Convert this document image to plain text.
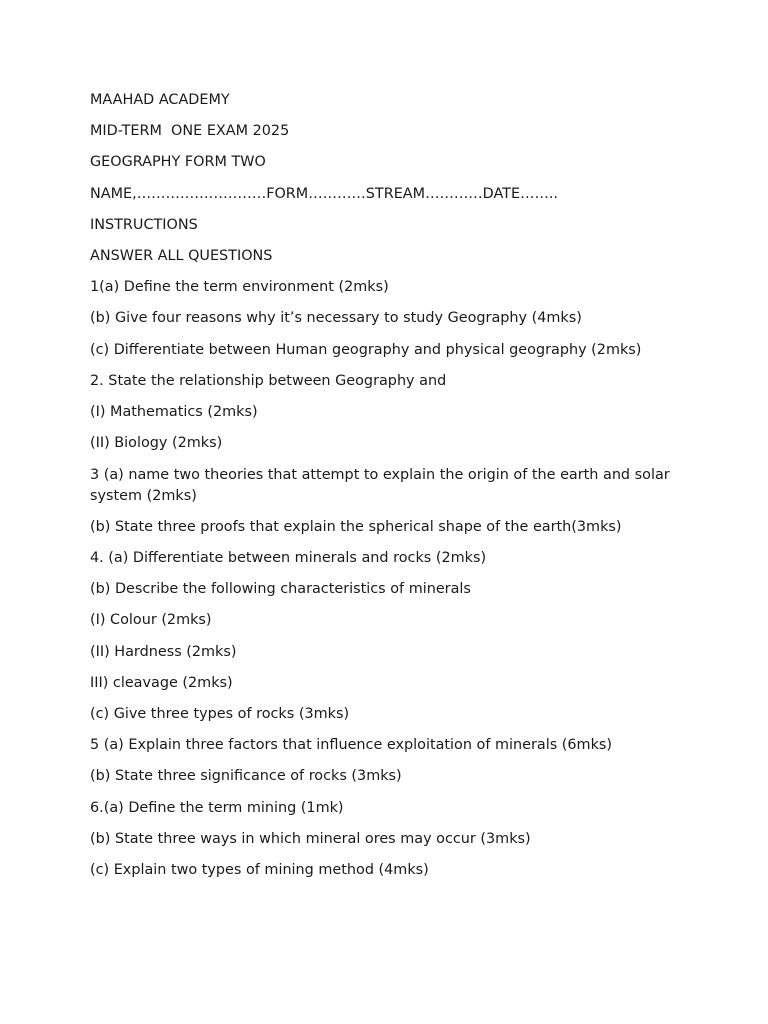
MAAHAD ACADEMY
MID-TERM  ONE EXAM 2025
GEOGRAPHY FORM TWO
NAME,………………………FORM…………STREAM…………DATE……..
INSTRUCTIONS
ANSWER ALL QUESTIONS
1(a) Define the term environment (2mks)
(b) Give four reasons why it’s necessary to study Geography (4mks)
(c) Differentiate between Human geography and physical geography (2mks)
2. State the relationship between Geography and
(I) Mathematics (2mks)
(II) Biology (2mks)
3 (a) name two theories that attempt to explain the origin of the earth and solar system (2mks)
(b) State three proofs that explain the spherical shape of the earth(3mks)
4. (a) Differentiate between minerals and rocks (2mks)
(b) Describe the following characteristics of minerals
(I) Colour (2mks)
(II) Hardness (2mks)
III) cleavage (2mks)
(c) Give three types of rocks (3mks)
5 (a) Explain three factors that influence exploitation of minerals (6mks)
(b) State three significance of rocks (3mks)
6.(a) Define the term mining (1mk)
(b) State three ways in which mineral ores may occur (3mks)
(c) Explain two types of mining method (4mks)
